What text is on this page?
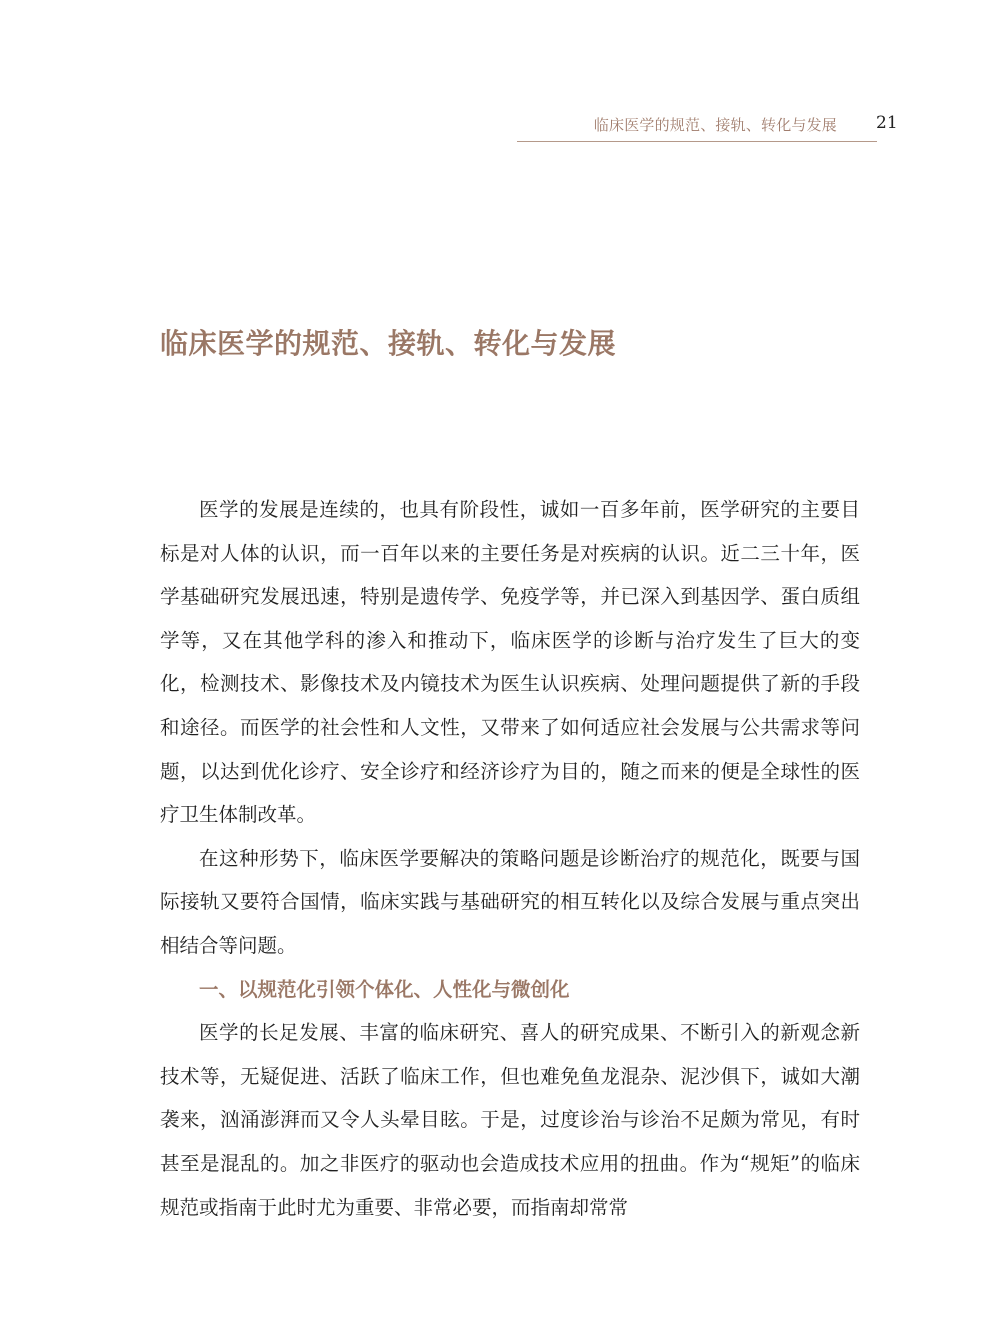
临床医学的规范、接轨、转化与发展 21
临床医学的规范、接轨、转化与发展

医学的发展是连续的，也具有阶段性，诚如一百多年前，医学研究的主要目标是对人体的认识，而一百年以来的主要任务是对疾病的认识。近二三十年，医学基础研究发展迅速，特别是遗传学、免疫学等，并已深入到基因学、蛋白质组学等，又在其他学科的渗入和推动下，临床医学的诊断与治疗发生了巨大的变化，检测技术、影像技术及内镜技术为医生认识疾病、处理问题提供了新的手段和途径。而医学的社会性和人文性，又带来了如何适应社会发展与公共需求等问题，以达到优化诊疗、安全诊疗和经济诊疗为目的，随之而来的便是全球性的医疗卫生体制改革。

在这种形势下，临床医学要解决的策略问题是诊断治疗的规范化，既要与国际接轨又要符合国情，临床实践与基础研究的相互转化以及综合发展与重点突出相结合等问题。

一、以规范化引领个体化、人性化与微创化

医学的长足发展、丰富的临床研究、喜人的研究成果、不断引入的新观念新技术等，无疑促进、活跃了临床工作，但也难免鱼龙混杂、泥沙俱下，诚如大潮袭来，汹涌澎湃而又令人头晕目眩。于是，过度诊治与诊治不足颇为常见，有时甚至是混乱的。加之非医疗的驱动也会造成技术应用的扭曲。作为“规矩”的临床规范或指南于此时尤为重要、非常必要，而指南却常常
